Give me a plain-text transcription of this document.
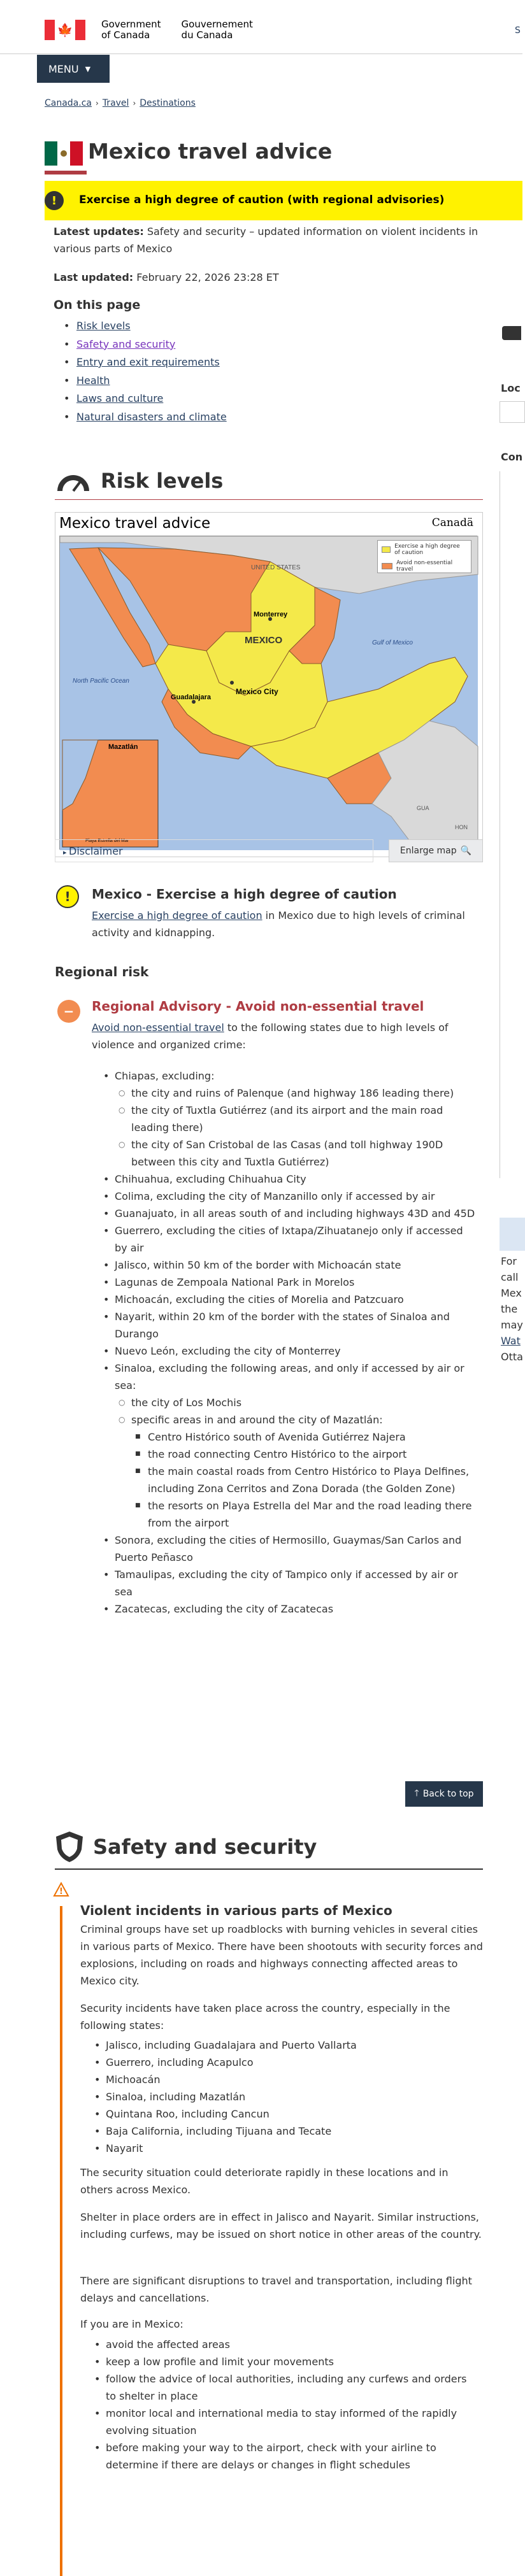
🍁	Government
of Canada
Gouvernement
du Canada	S
MENU ▼
Canada.ca › Travel › Destinations
Mexico travel advice
!	Exercise a high degree of caution (with regional advisories)
Latest updates: Safety and security – updated information on violent incidents in various parts of Mexico
Last updated: February 22, 2026 23:28 ET
On this page
• Risk levels
• Safety and security
• Entry and exit requirements
• Health
• Laws and culture
• Natural disasters and climate
Risk levels
Mexico travel advice	Canadä
MEXICO
UNITED STATES
North Pacific Ocean
Gulf of Mexico
Mexico City
Monterrey
Guadalajara
Mazatlán
Playa Estrella del Mar
HON
GUA
Exercise a high degree of caution
Avoid non-essential travel
▸ Disclaimer	Enlarge map 🔍
!	Mexico - Exercise a high degree of caution
Exercise a high degree of caution in Mexico due to high levels of criminal activity and kidnapping.
Regional risk
−	Regional Advisory - Avoid non-essential travel
Avoid non-essential travel to the following states due to high levels of violence and organized crime:
• Chiapas, excluding:
○ the city and ruins of Palenque (and highway 186 leading there)
○ the city of Tuxtla Gutiérrez (and its airport and the main road leading there)
○ the city of San Cristobal de las Casas (and toll highway 190D between this city and Tuxtla Gutiérrez)
• Chihuahua, excluding Chihuahua City
• Colima, excluding the city of Manzanillo only if accessed by air
• Guanajuato, in all areas south of and including highways 43D and 45D
• Guerrero, excluding the cities of Ixtapa/Zihuatanejo only if accessed by air
• Jalisco, within 50 km of the border with Michoacán state
• Lagunas de Zempoala National Park in Morelos
• Michoacán, excluding the cities of Morelia and Patzcuaro
• Nayarit, within 20 km of the border with the states of Sinaloa and Durango
• Nuevo León, excluding the city of Monterrey
• Sinaloa, excluding the following areas, and only if accessed by air or sea:
○ the city of Los Mochis
○ specific areas in and around the city of Mazatlán:
■ Centro Histórico south of Avenida Gutiérrez Najera
■ the road connecting Centro Histórico to the airport
■ the main coastal roads from Centro Histórico to Playa Delfines, including Zona Cerritos and Zona Dorada (the Golden Zone)
■ the resorts on Playa Estrella del Mar and the road leading there from the airport
• Sonora, excluding the cities of Hermosillo, Guaymas/San Carlos and Puerto Peñasco
• Tamaulipas, excluding the city of Tampico only if accessed by air or sea
• Zacatecas, excluding the city of Zacatecas
🡑 Back to top
Safety and security
!
Violent incidents in various parts of Mexico
Criminal groups have set up roadblocks with burning vehicles in several cities in various parts of Mexico. There have been shootouts with security forces and explosions, including on roads and highways connecting affected areas to Mexico city.
Security incidents have taken place across the country, especially in the following states:
• Jalisco, including Guadalajara and Puerto Vallarta
• Guerrero, including Acapulco
• Michoacán
• Sinaloa, including Mazatlán
• Quintana Roo, including Cancun
• Baja California, including Tijuana and Tecate
• Nayarit
The security situation could deteriorate rapidly in these locations and in others across Mexico.
Shelter in place orders are in effect in Jalisco and Nayarit. Similar instructions, including curfews, may be issued on short notice in other areas of the country.
There are significant disruptions to travel and transportation, including flight delays and cancellations.
If you are in Mexico:
• avoid the affected areas
• keep a low profile and limit your movements
• follow the advice of local authorities, including any curfews and orders to shelter in place
• monitor local and international media to stay informed of the rapidly evolving situation
• before making your way to the airport, check with your airline to determine if there are delays or changes in flight schedules
Loc
Con
For
call
Mex
the
may
Wat
Otta
